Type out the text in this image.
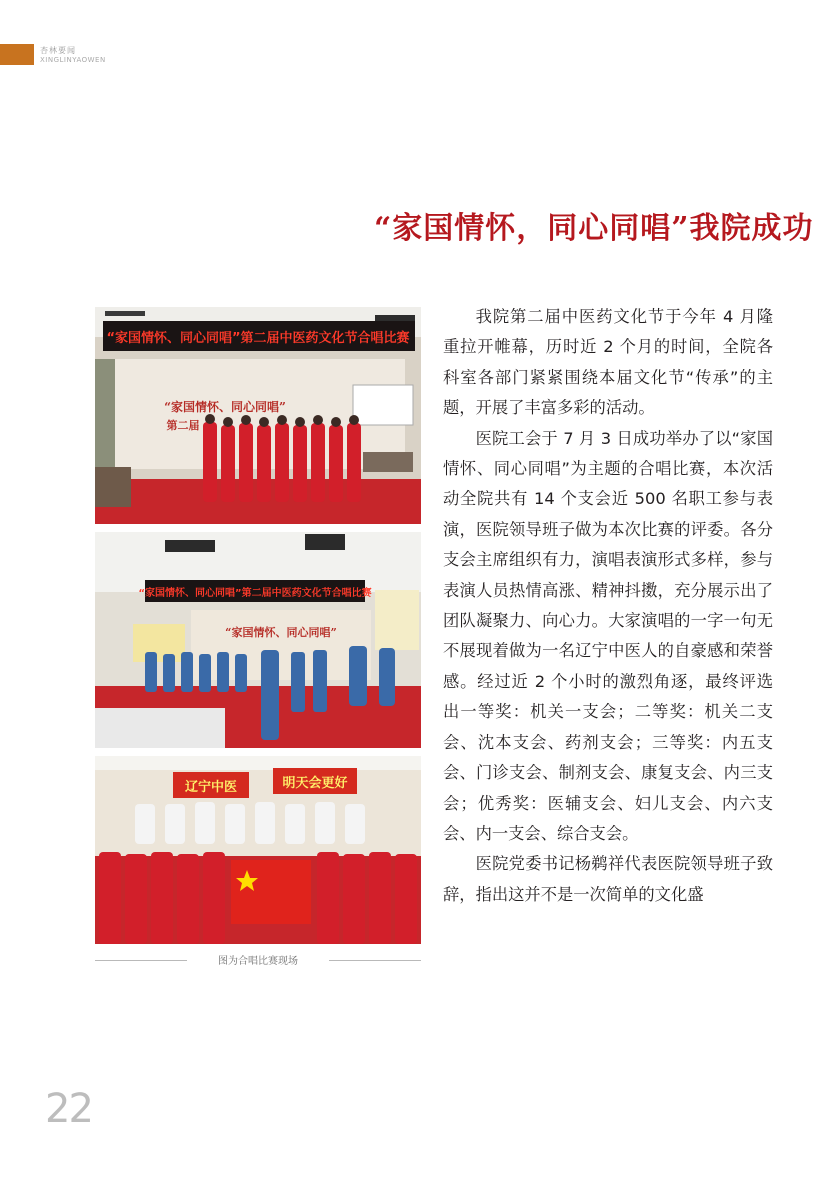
杏林要闻
XINGLINYAOWEN
“家国情怀，同心同唱”我院成功
“家国情怀、同心同唱”第二届中医药文化节合唱比赛
“家国情怀、同心同唱”
第二届
“家国情怀、同心同唱”第二届中医药文化节合唱比赛
“家国情怀、同心同唱”
辽宁中医	明天会更好
图为合唱比赛现场

我院第二届中医药文化节于今年 4 月隆重拉开帷幕，历时近 2 个月的时间，全院各科室各部门紧紧围绕本届文化节“传承”的主题，开展了丰富多彩的活动。

医院工会于 7 月 3 日成功举办了以“家国情怀、同心同唱”为主题的合唱比赛，本次活动全院共有 14 个支会近 500 名职工参与表演，医院领导班子做为本次比赛的评委。各分支会主席组织有力，演唱表演形式多样，参与表演人员热情高涨、精神抖擞，充分展示出了团队凝聚力、向心力。大家演唱的一字一句无不展现着做为一名辽宁中医人的自豪感和荣誉感。经过近 2 个小时的激烈角逐，最终评选出一等奖：机关一支会；二等奖：机关二支会、沈本支会、药剂支会；三等奖：内五支会、门诊支会、制剂支会、康复支会、内三支会；优秀奖：医辅支会、妇儿支会、内六支会、内一支会、综合支会。

医院党委书记杨鹈祥代表医院领导班子致辞，指出这并不是一次简单的文化盛

22
